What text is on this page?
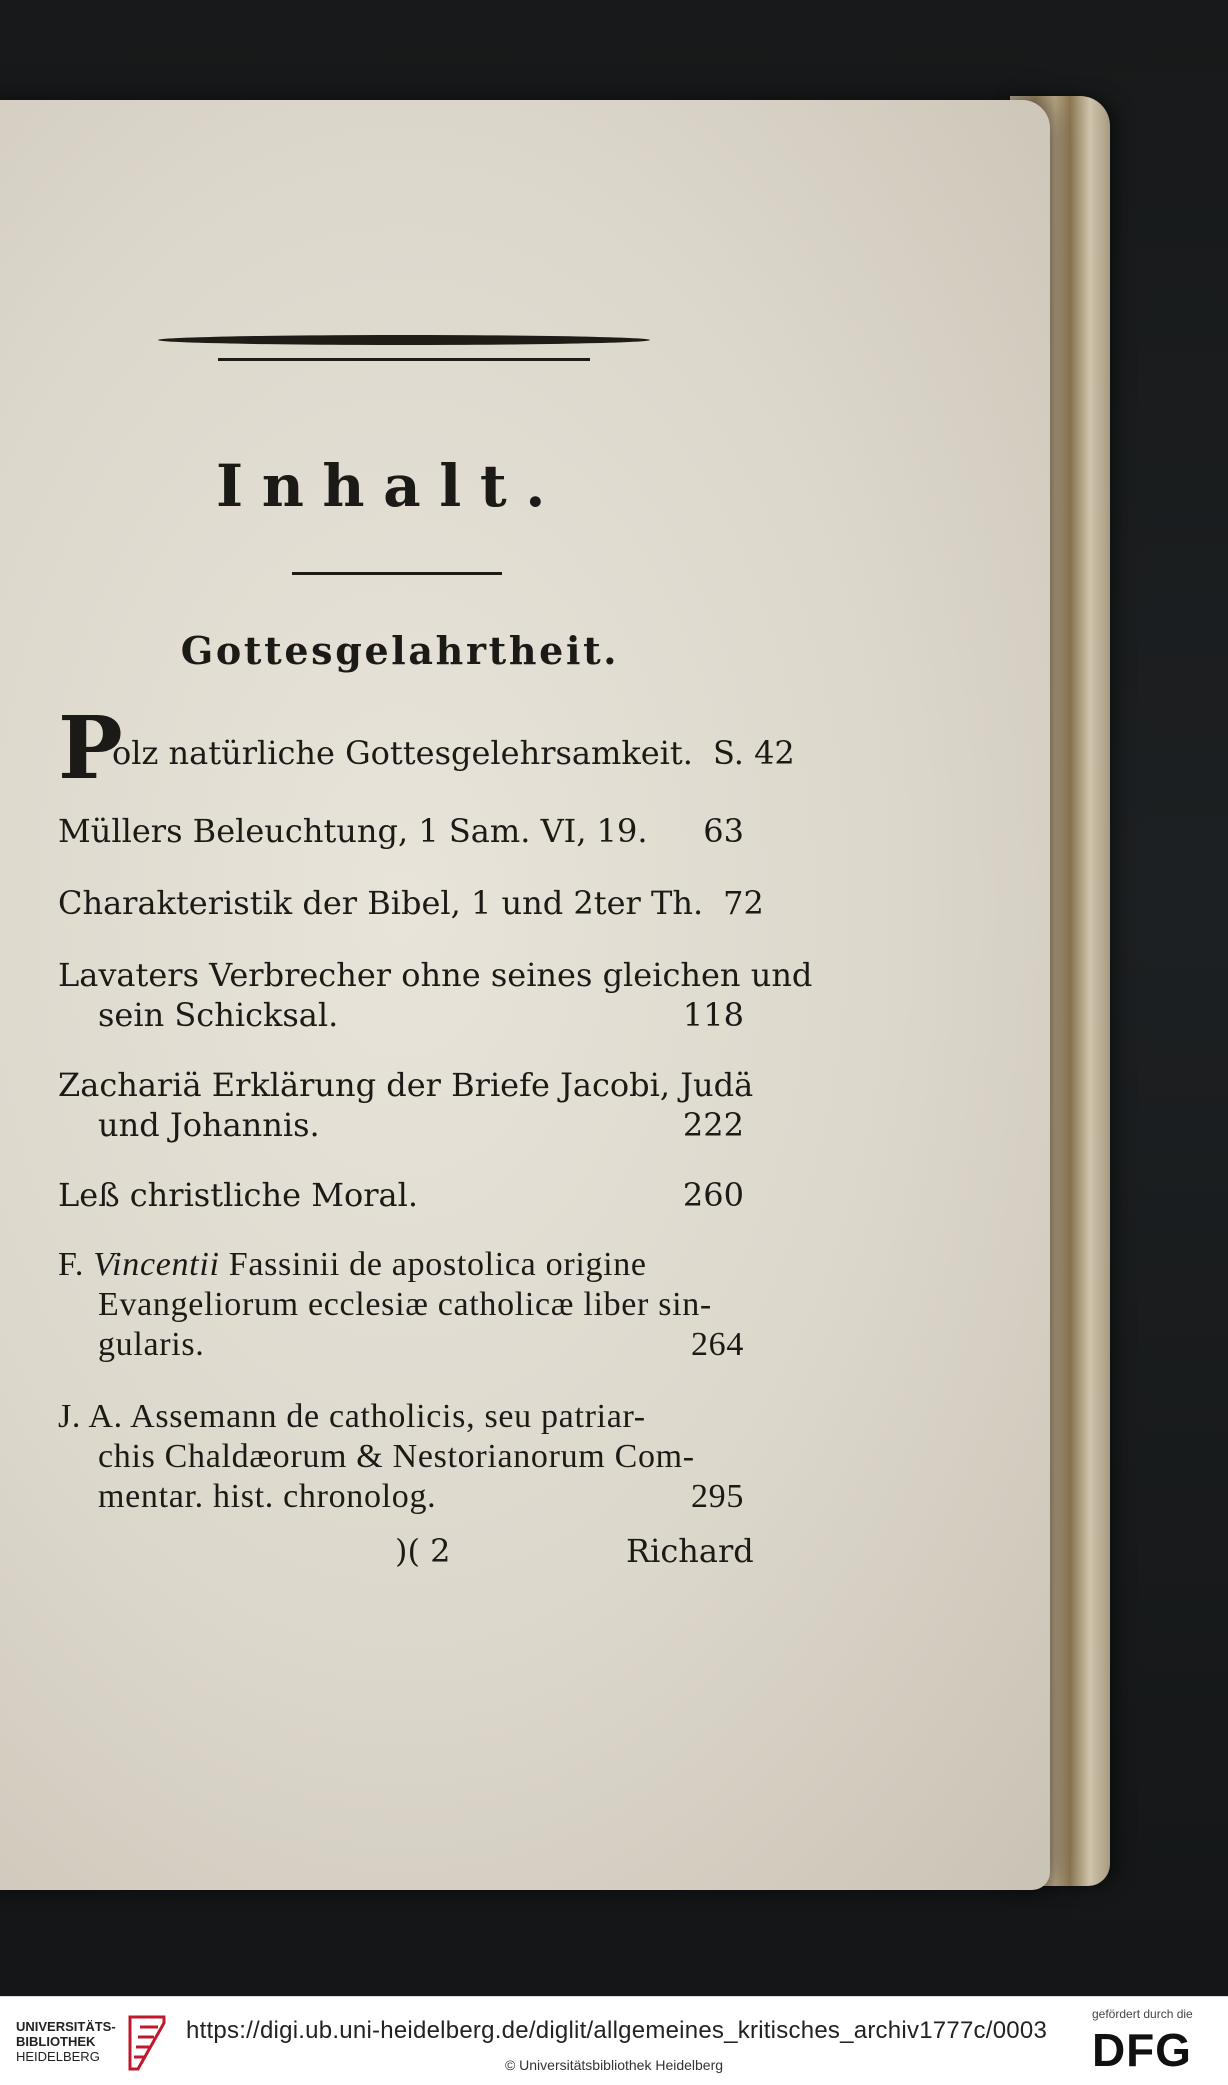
Inhalt.
Gottesgelahrtheit.
P
olz natürliche Gottesgelehrsamkeit. S. 42
Müllers Beleuchtung, 1 Sam. VI, 19. 63
Charakteristik der Bibel, 1 und 2ter Th. 72
Lavaters Verbrecher ohne seines gleichen und
sein Schicksal.	118
Zachariä Erklärung der Briefe Jacobi, Judä
und Johannis.	222
Leß christliche Moral.	260
F. Vincentii Fassinii de apostolica origine
Evangeliorum ecclesiæ catholicæ liber sin-
gularis.	264
J. A. Assemann de catholicis, seu patriar-
chis Chaldæorum & Nestorianorum Com-
mentar. hist. chronolog.	295
)( 2	Richard
UNIVERSITÄTS-
BIBLIOTHEK
HEIDELBERG
https://digi.ub.uni-heidelberg.de/diglit/allgemeines_kritisches_archiv1777c/0003
© Universitätsbibliothek Heidelberg
gefördert durch die
DFG
